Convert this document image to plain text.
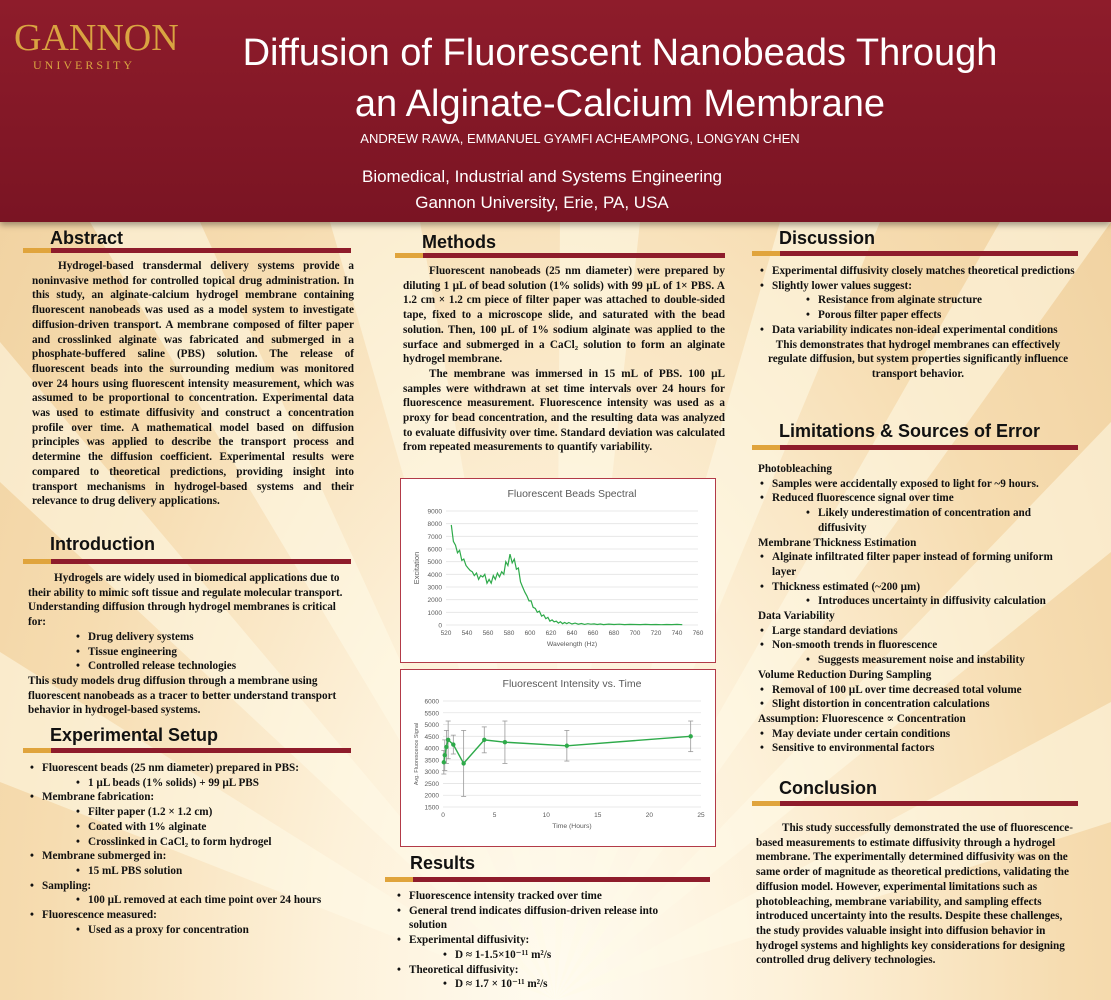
GANNON
UNIVERSITY	Diffusion of Fluorescent Nanobeads Through
an Alginate-Calcium Membrane
ANDREW RAWA, EMMANUEL GYAMFI ACHEAMPONG, LONGYAN CHEN
Biomedical, Industrial and Systems Engineering
Gannon University, Erie, PA, USA
Abstract

Hydrogel-based transdermal delivery systems provide a noninvasive method for controlled topical drug administration. In this study, an alginate-calcium hydrogel membrane containing fluorescent nanobeads was used as a model system to investigate diffusion-driven transport. A membrane composed of filter paper and crosslinked alginate was fabricated and submerged in a phosphate-buffered saline (PBS) solution. The release of fluorescent beads into the surrounding medium was monitored over 24 hours using fluorescent intensity measurement, which was assumed to be proportional to concentration. Experimental data was used to estimate diffusivity and construct a concentration profile over time. A mathematical model based on diffusion principles was applied to describe the transport process and determine the diffusion coefficient. Experimental results were compared to theoretical predictions, providing insight into transport mechanisms in hydrogel-based systems and their relevance to drug delivery applications.

Introduction

Hydrogels are widely used in biomedical applications due to their ability to mimic soft tissue and regulate molecular transport. Understanding diffusion through hydrogel membranes is critical for:

• Drug delivery systems
• Tissue engineering
• Controlled release technologies

This study models drug diffusion through a membrane using fluorescent nanobeads as a tracer to better understand transport behavior in hydrogel-based systems.

Experimental Setup
• Fluorescent beads (25 nm diameter) prepared in PBS:
• 1 µL beads (1% solids) + 99 µL PBS
• Membrane fabrication:
• Filter paper (1.2 × 1.2 cm)
• Coated with 1% alginate
• Crosslinked in CaCl₂ to form hydrogel
• Membrane submerged in:
• 15 mL PBS solution
• Sampling:
• 100 µL removed at each time point over 24 hours
• Fluorescence measured:
• Used as a proxy for concentration
Methods

Fluorescent nanobeads (25 nm diameter) were prepared by diluting 1 µL of bead solution (1% solids) with 99 µL of 1× PBS. A 1.2 cm × 1.2 cm piece of filter paper was attached to double-sided tape, fixed to a microscope slide, and saturated with the bead solution. Then, 100 µL of 1% sodium alginate was applied to the surface and submerged in a CaCl₂ solution to form an alginate hydrogel membrane.

The membrane was immersed in 15 mL of PBS. 100 µL samples were withdrawn at set time intervals over 24 hours for fluorescence measurement. Fluorescence intensity was used as a proxy for bead concentration, and the resulting data was analyzed to evaluate diffusivity over time. Standard deviation was calculated from repeated measurements to quantify variability.

Fluorescent Beads Spectral
0
1000
2000
3000
4000
5000
6000
7000
8000
9000
520 540 560 580 600 620 640 660 680 700 720 740 760
Wavelength (Hz)
Excitation
Fluorescent Intensity vs. Time
1500
2000
2500
3000
3500
4000
4500
5000
5500
6000
0	5	10	15	20	25
Time (Hours)
Avg. Fluorescence Signal
Results
• Fluorescence intensity tracked over time
• General trend indicates diffusion-driven release into solution
• Experimental diffusivity:
• D ≈ 1-1.5×10⁻¹¹ m²/s
• Theoretical diffusivity:
• D ≈ 1.7 × 10⁻¹¹ m²/s
Discussion
• Experimental diffusivity closely matches theoretical predictions
• Slightly lower values suggest:
• Resistance from alginate structure
• Porous filter paper effects
• Data variability indicates non-ideal experimental conditions

This demonstrates that hydrogel membranes can effectively regulate diffusion, but system properties significantly influence transport behavior.

Limitations & Sources of Error

Photobleaching

• Samples were accidentally exposed to light for ~9 hours.
• Reduced fluorescence signal over time
• Likely underestimation of concentration and diffusivity

Membrane Thickness Estimation

• Alginate infiltrated filter paper instead of forming uniform layer
• Thickness estimated (~200 µm)
• Introduces uncertainty in diffusivity calculation

Data Variability

• Large standard deviations
• Non-smooth trends in fluorescence
• Suggests measurement noise and instability

Volume Reduction During Sampling

• Removal of 100 µL over time decreased total volume
• Slight distortion in concentration calculations

Assumption: Fluorescence ∝ Concentration

• May deviate under certain conditions
• Sensitive to environmental factors
Conclusion

This study successfully demonstrated the use of fluorescence-based measurements to estimate diffusivity through a hydrogel membrane. The experimentally determined diffusivity was on the same order of magnitude as theoretical predictions, validating the diffusion model. However, experimental limitations such as photobleaching, membrane variability, and sampling effects introduced uncertainty into the results. Despite these challenges, the study provides valuable insight into diffusion behavior in hydrogel systems and highlights key considerations for designing controlled drug delivery technologies.
